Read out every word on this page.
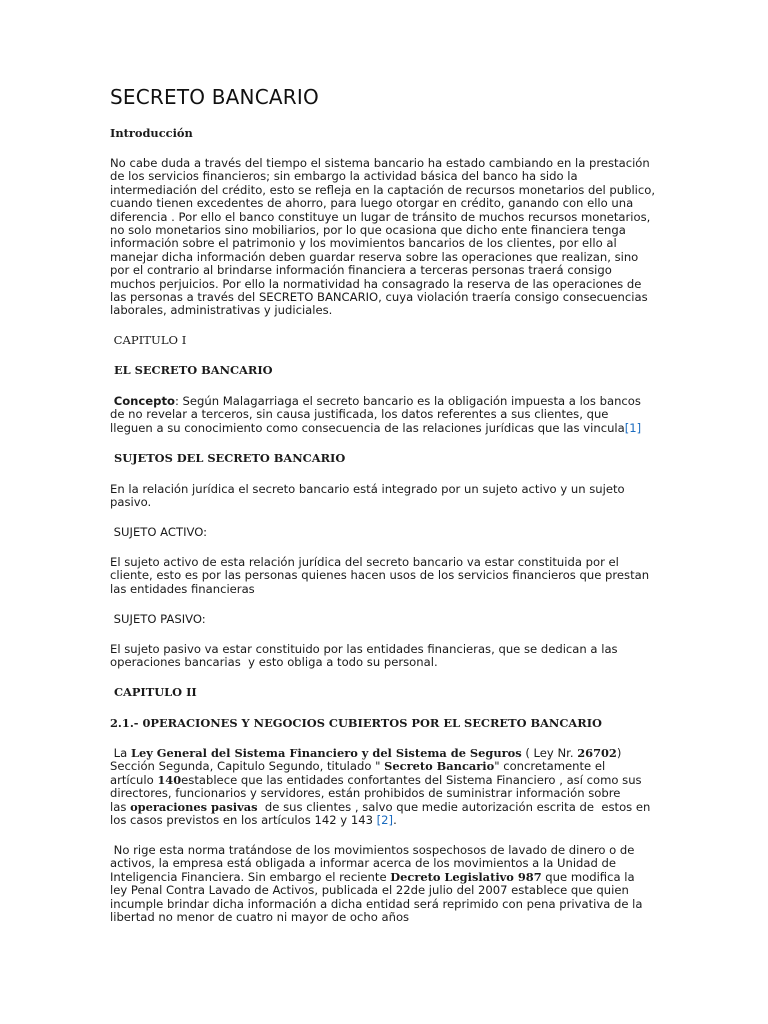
SECRETO BANCARIO
Introducción
No cabe duda a través del tiempo el sistema bancario ha estado cambiando en la prestación
de los servicios financieros; sin embargo la actividad básica del banco ha sido la
intermediación del crédito, esto se refleja en la captación de recursos monetarios del publico,
cuando tienen excedentes de ahorro, para luego otorgar en crédito, ganando con ello una
diferencia . Por ello el banco constituye un lugar de tránsito de muchos recursos monetarios,
no solo monetarios sino mobiliarios, por lo que ocasiona que dicho ente financiera tenga
información sobre el patrimonio y los movimientos bancarios de los clientes, por ello al
manejar dicha información deben guardar reserva sobre las operaciones que realizan, sino
por el contrario al brindarse información financiera a terceras personas traerá consigo
muchos perjuicios. Por ello la normatividad ha consagrado la reserva de las operaciones de
las personas a través del SECRETO BANCARIO, cuya violación traería consigo consecuencias
laborales, administrativas y judiciales.
CAPITULO I
EL SECRETO BANCARIO
Concepto: Según Malagarriaga el secreto bancario es la obligación impuesta a los bancos
de no revelar a terceros, sin causa justificada, los datos referentes a sus clientes, que
lleguen a su conocimiento como consecuencia de las relaciones jurídicas que las vincula[1]
SUJETOS DEL SECRETO BANCARIO
En la relación jurídica el secreto bancario está integrado por un sujeto activo y un sujeto
pasivo.
SUJETO ACTIVO:
El sujeto activo de esta relación jurídica del secreto bancario va estar constituida por el
cliente, esto es por las personas quienes hacen usos de los servicios financieros que prestan
las entidades financieras
SUJETO PASIVO:
El sujeto pasivo va estar constituido por las entidades financieras, que se dedican a las
operaciones bancarias  y esto obliga a todo su personal.
CAPITULO II
2.1.- 0PERACIONES Y NEGOCIOS CUBIERTOS POR EL SECRETO BANCARIO
La Ley General del Sistema Financiero y del Sistema de Seguros ( Ley Nr. 26702)
Sección Segunda, Capitulo Segundo, titulado " Secreto Bancario" concretamente el
artículo 140establece que las entidades confortantes del Sistema Financiero , así como sus
directores, funcionarios y servidores, están prohibidos de suministrar información sobre
las operaciones pasivas  de sus clientes , salvo que medie autorización escrita de  estos en
los casos previstos en los artículos 142 y 143 [2].
No rige esta norma tratándose de los movimientos sospechosos de lavado de dinero o de
activos, la empresa está obligada a informar acerca de los movimientos a la Unidad de
Inteligencia Financiera. Sin embargo el reciente Decreto Legislativo 987 que modifica la
ley Penal Contra Lavado de Activos, publicada el 22de julio del 2007 establece que quien
incumple brindar dicha información a dicha entidad será reprimido con pena privativa de la
libertad no menor de cuatro ni mayor de ocho años
